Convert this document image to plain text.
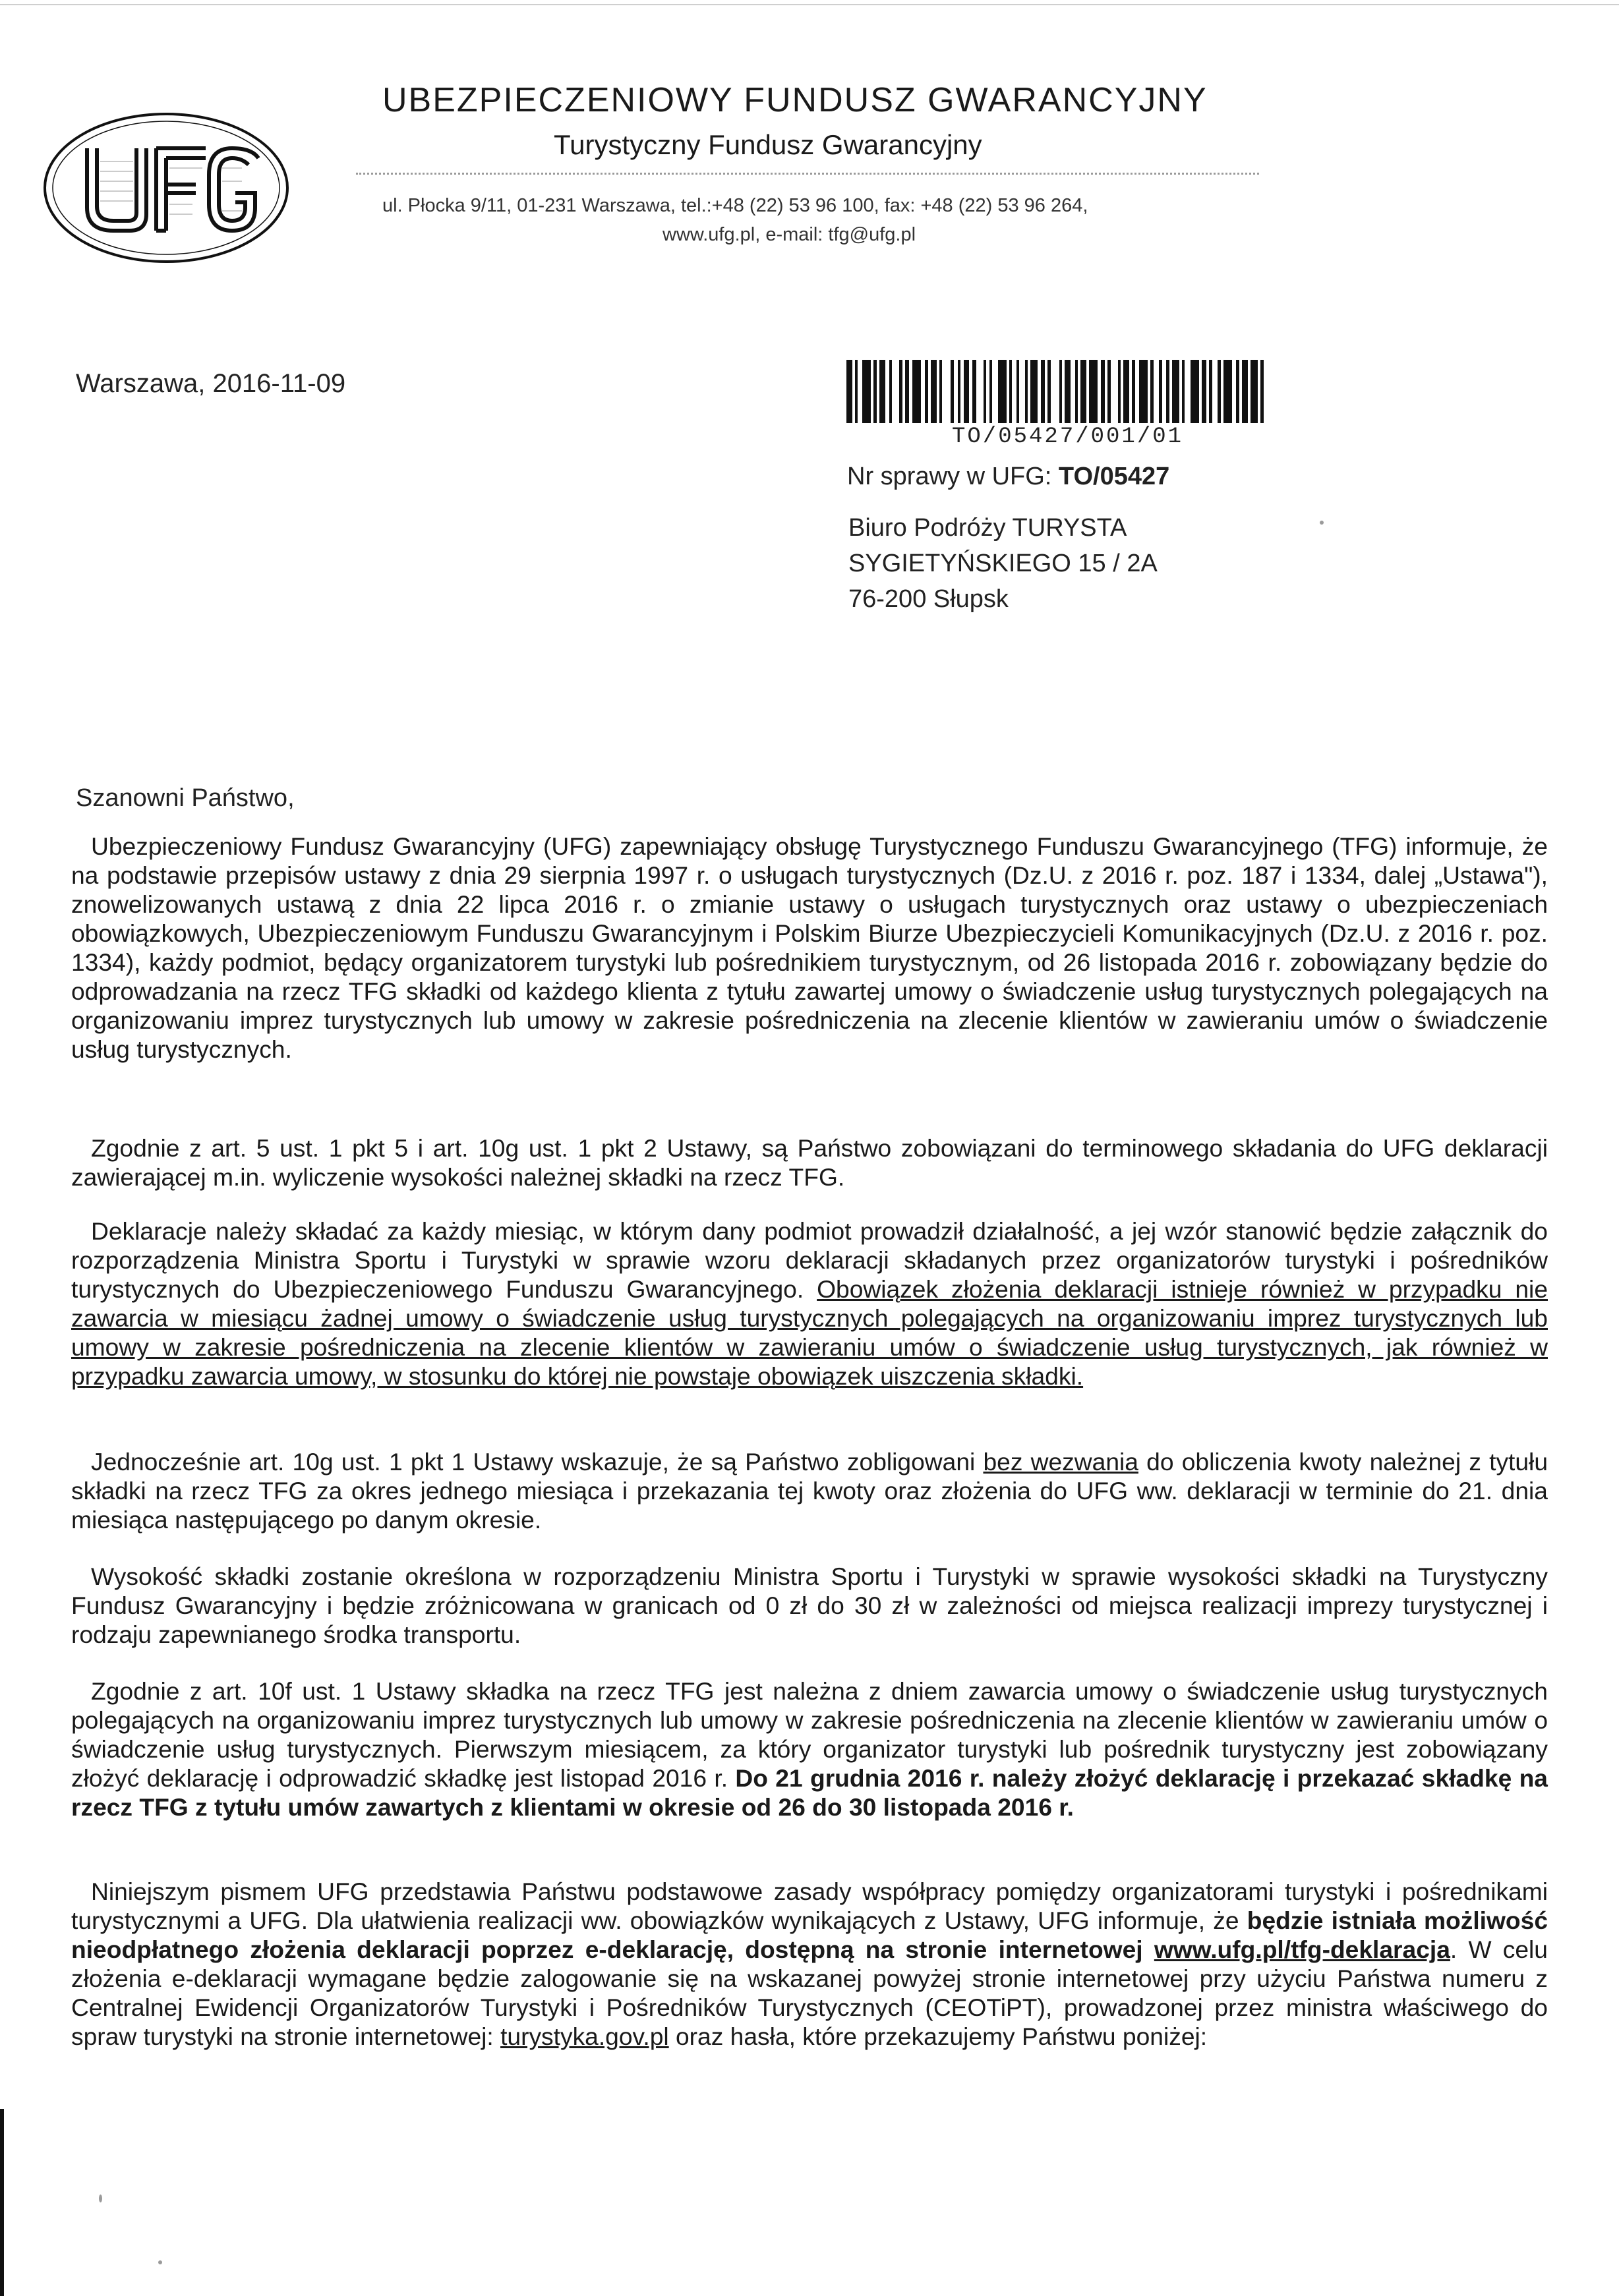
UBEZPIECZENIOWY FUNDUSZ GWARANCYJNY
Turystyczny Fundusz Gwarancyjny
ul. Płocka 9/11, 01-231 Warszawa, tel.:+48 (22) 53 96 100, fax: +48 (22) 53 96 264,
www.ufg.pl, e-mail: tfg@ufg.pl
Warszawa, 2016-11-09
TO/05427/001/01
Nr sprawy w UFG: TO/05427
Biuro Podróży TURYSTA
SYGIETYŃSKIEGO 15 / 2A
76-200 Słupsk
Szanowni Państwo,
Ubezpieczeniowy Fundusz Gwarancyjny (UFG) zapewniający obsługę Turystycznego Funduszu Gwarancyjnego (TFG) informuje, że na podstawie przepisów ustawy z dnia 29 sierpnia 1997 r. o usługach turystycznych (Dz.U. z 2016 r. poz. 187 i 1334, dalej „Ustawa"), znowelizowanych ustawą z dnia 22 lipca 2016 r. o zmianie ustawy o usługach turystycznych oraz ustawy o ubezpieczeniach obowiązkowych, Ubezpieczeniowym Funduszu Gwarancyjnym i Polskim Biurze Ubezpieczycieli Komunikacyjnych (Dz.U. z 2016 r. poz. 1334), każdy podmiot, będący organizatorem turystyki lub pośrednikiem turystycznym, od 26 listopada 2016 r. zobowiązany będzie do odprowadzania na rzecz TFG składki od każdego klienta z tytułu zawartej umowy o świadczenie usług turystycznych polegających na organizowaniu imprez turystycznych lub umowy w zakresie pośredniczenia na zlecenie klientów w zawieraniu umów o świadczenie usług turystycznych.
Zgodnie z art. 5 ust. 1 pkt 5 i art. 10g ust. 1 pkt 2 Ustawy, są Państwo zobowiązani do terminowego składania do UFG deklaracji zawierającej m.in. wyliczenie wysokości należnej składki na rzecz TFG.
Deklaracje należy składać za każdy miesiąc, w którym dany podmiot prowadził działalność, a jej wzór stanowić będzie załącznik do rozporządzenia Ministra Sportu i Turystyki w sprawie wzoru deklaracji składanych przez organizatorów turystyki i pośredników turystycznych do Ubezpieczeniowego Funduszu Gwarancyjnego. Obowiązek złożenia deklaracji istnieje również w przypadku nie zawarcia w miesiącu żadnej umowy o świadczenie usług turystycznych polegających na organizowaniu imprez turystycznych lub umowy w zakresie pośredniczenia na zlecenie klientów w zawieraniu umów o świadczenie usług turystycznych, jak również w przypadku zawarcia umowy, w stosunku do której nie powstaje obowiązek uiszczenia składki.
Jednocześnie art. 10g ust. 1 pkt 1 Ustawy wskazuje, że są Państwo zobligowani bez wezwania do obliczenia kwoty należnej z tytułu składki na rzecz TFG za okres jednego miesiąca i przekazania tej kwoty oraz złożenia do UFG ww. deklaracji w terminie do 21. dnia miesiąca następującego po danym okresie.
Wysokość składki zostanie określona w rozporządzeniu Ministra Sportu i Turystyki w sprawie wysokości składki na Turystyczny Fundusz Gwarancyjny i będzie zróżnicowana w granicach od 0 zł do 30 zł w zależności od miejsca realizacji imprezy turystycznej i rodzaju zapewnianego środka transportu.
Zgodnie z art. 10f ust. 1 Ustawy składka na rzecz TFG jest należna z dniem zawarcia umowy o świadczenie usług turystycznych polegających na organizowaniu imprez turystycznych lub umowy w zakresie pośredniczenia na zlecenie klientów w zawieraniu umów o świadczenie usług turystycznych. Pierwszym miesiącem, za który organizator turystyki lub pośrednik turystyczny jest zobowiązany złożyć deklarację i odprowadzić składkę jest listopad 2016 r. Do 21 grudnia 2016 r. należy złożyć deklarację i przekazać składkę na rzecz TFG z tytułu umów zawartych z klientami w okresie od 26 do 30 listopada 2016 r.
Niniejszym pismem UFG przedstawia Państwu podstawowe zasady współpracy pomiędzy organizatorami turystyki i pośrednikami turystycznymi a UFG. Dla ułatwienia realizacji ww. obowiązków wynikających z Ustawy, UFG informuje, że będzie istniała możliwość nieodpłatnego złożenia deklaracji poprzez e-deklarację, dostępną na stronie internetowej www.ufg.pl/tfg-deklaracja. W celu złożenia e-deklaracji wymagane będzie zalogowanie się na wskazanej powyżej stronie internetowej przy użyciu Państwa numeru z Centralnej Ewidencji Organizatorów Turystyki i Pośredników Turystycznych (CEOTiPT), prowadzonej przez ministra właściwego do spraw turystyki na stronie internetowej: turystyka.gov.pl oraz hasła, które przekazujemy Państwu poniżej:
